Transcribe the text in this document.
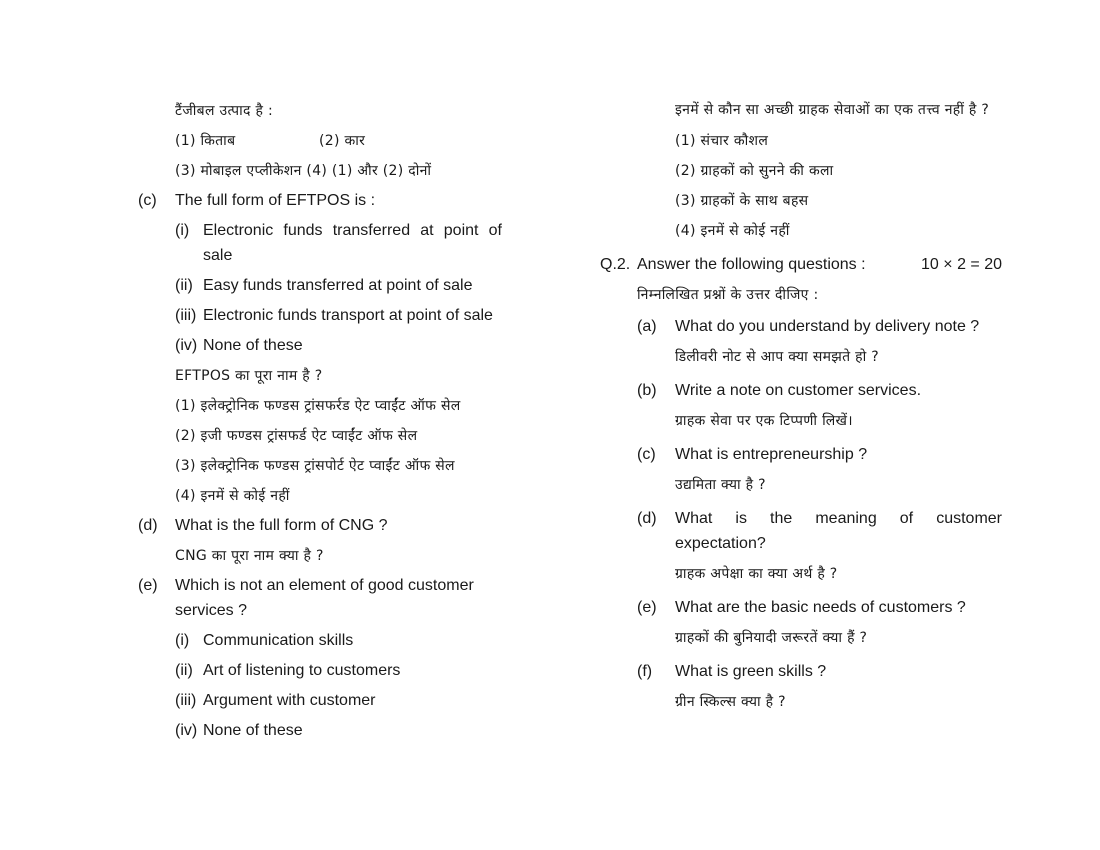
टैंजीबल उत्पाद है :
(1) किताब	(2) कार
(3) मोबाइल एप्लीकेशन (4) (1) और (2) दोनों
(c)	The full form of EFTPOS is :
(i) Electronic funds transferred at point of sale
(ii) Easy funds transferred at point of sale
(iii) Electronic funds transport at point of sale
(iv) None of these
EFTPOS का पूरा नाम है ?
(1) इलेक्ट्रोनिक फण्डस ट्रांसफर्रड ऐट प्वाईंट ऑफ सेल
(2) इजी फण्डस ट्रांसफर्ड ऐट प्वाईंट ऑफ सेल
(3) इलेक्ट्रोनिक फण्डस ट्रांसपोर्ट ऐट प्वाईंट ऑफ सेल
(4) इनमें से कोई नहीं
(d)	What is the full form of CNG ?
CNG का पूरा नाम क्या है ?
(e)	Which is not an element of good customer services ?
(i) Communication skills
(ii) Art of listening to customers
(iii) Argument with customer
(iv) None of these
इनमें से कौन सा अच्छी ग्राहक सेवाओं का एक तत्त्व नहीं है ?
(1) संचार कौशल
(2) ग्राहकों को सुनने की कला
(3) ग्राहकों के साथ बहस
(4) इनमें से कोई नहीं
Q.2. Answer the following questions :	10 × 2 = 20
निम्नलिखित प्रश्नों के उत्तर दीजिए :
(a)	What do you understand by delivery note ?
डिलीवरी नोट से आप क्या समझते हो ?
(b)	Write a note on customer services.
ग्राहक सेवा पर एक टिप्पणी लिखें।
(c)	What is entrepreneurship ?
उद्यमिता क्या है ?
(d)	What is the meaning of customer expectation?
ग्राहक अपेक्षा का क्या अर्थ है ?
(e)	What are the basic needs of customers ?
ग्राहकों की बुनियादी जरूरतें क्या हैं ?
(f)	What is green skills ?
ग्रीन स्किल्स क्या है ?
